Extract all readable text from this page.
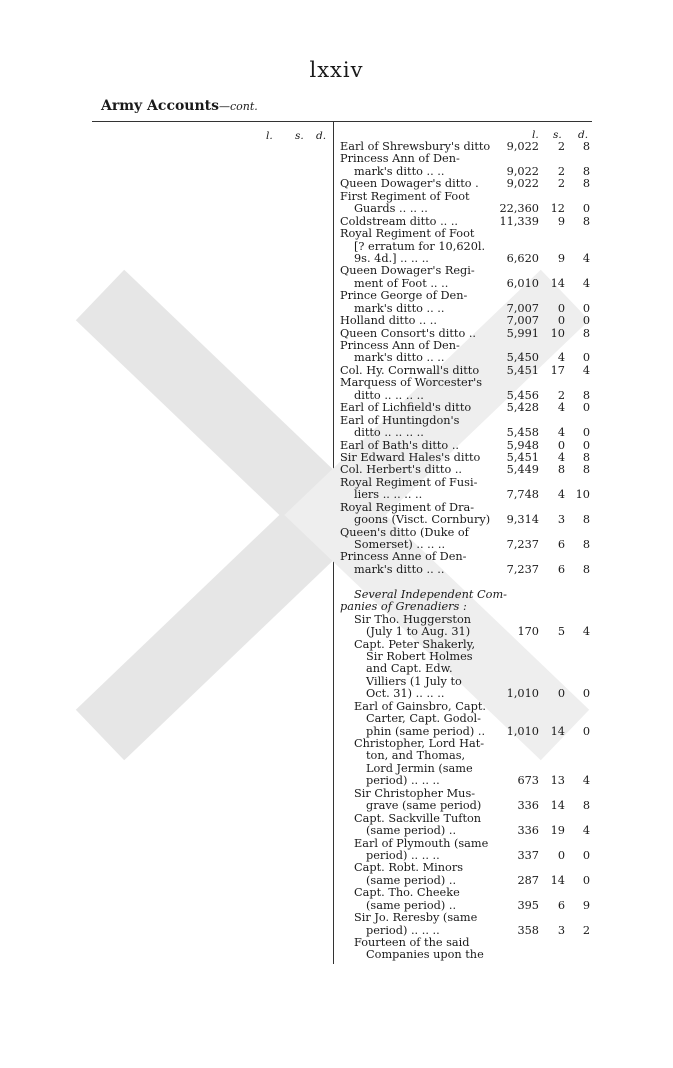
lxxiv
Army Accounts—cont.
l. s. d.	l. s. d.
Earl of Shrewsbury's ditto 9,022 2 8
Princess Ann of Den-
mark's ditto .. ..	9,022 2 8
Queen Dowager's ditto . 9,022 2 8
First Regiment of Foot
Guards .. .. ..	22,360 12 0
Coldstream ditto .. ..	11,339 9 8
Royal Regiment of Foot
[? erratum for 10,620l.
9s. 4d.] .. .. ..	6,620 9 4
Queen Dowager's Regi-
ment of Foot .. ..	6,010 14 4
Prince George of Den-
mark's ditto .. ..	7,007 0 0
Holland ditto .. ..	7,007 0 0
Queen Consort's ditto ..	5,991 10 8
Princess Ann of Den-
mark's ditto .. ..	5,450 4 0
Col. Hy. Cornwall's ditto 5,451 17 4
Marquess of Worcester's
ditto .. .. .. ..	5,456 2 8
Earl of Lichfield's ditto	5,428 4 0
Earl of Huntingdon's
ditto .. .. .. ..	5,458 4 0
Earl of Bath's ditto ..	5,948 0 0
Sir Edward Hales's ditto 5,451 4 8
Col. Herbert's ditto ..	5,449 8 8
Royal Regiment of Fusi-
liers .. .. .. ..	7,748 4 10
Royal Regiment of Dra-
goons (Visct. Cornbury) 9,314 3 8
Queen's ditto (Duke of
Somerset) .. .. ..	7,237 6 8
Princess Anne of Den-
mark's ditto .. ..	7,237 6 8
Several Independent Com-
panies of Grenadiers :
Sir Tho. Huggerston
(July 1 to Aug. 31)	170 5 4
Capt. Peter Shakerly,
Sir Robert Holmes
and Capt. Edw.
Villiers (1 July to
Oct. 31) .. .. ..	1,010 0 0
Earl of Gainsbro, Capt.
Carter, Capt. Godol-
phin (same period) .. 1,010 14 0
Christopher, Lord Hat-
ton, and Thomas,
Lord Jermin (same
period) .. .. ..	673 13 4
Sir Christopher Mus-
grave (same period)	336 14 8
Capt. Sackville Tufton
(same period) ..	336 19 4
Earl of Plymouth (same
period) .. .. ..	337 0 0
Capt. Robt. Minors
(same period) ..	287 14 0
Capt. Tho. Cheeke
(same period) ..	395 6 9
Sir Jo. Reresby (same
period) .. .. ..	358 3 2
Fourteen of the said
Companies upon the
